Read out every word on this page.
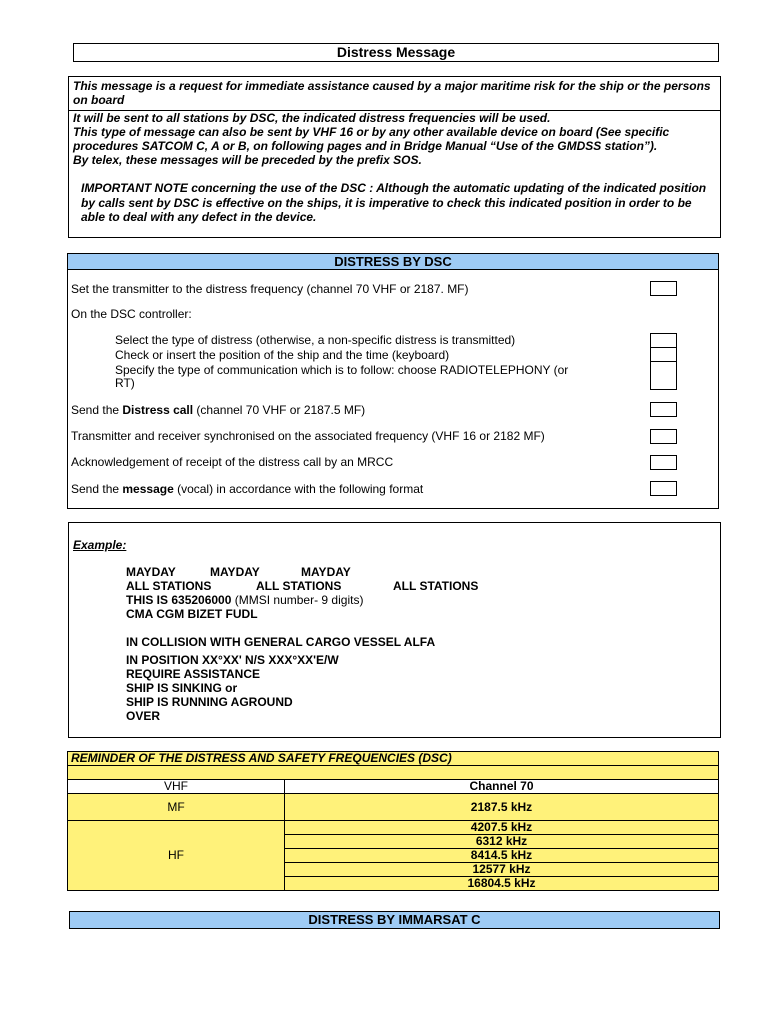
Distress Message
This message is a request for immediate assistance caused by a major maritime risk for the ship or the persons on board
It will be sent to all stations by DSC, the indicated distress frequencies will be used.
This type of message can also be sent by VHF 16 or by any other available device on board (See specific procedures SATCOM C, A or B, on following pages and in Bridge Manual “Use of the GMDSS station”).
By telex, these messages will be preceded by the prefix SOS.
IMPORTANT NOTE concerning the use of the DSC : Although the automatic updating of the indicated position by calls sent by DSC is effective on the ships, it is imperative to check this indicated position in order to be able to deal with any defect in the device.
DISTRESS BY DSC
Set the transmitter to the distress frequency (channel 70 VHF or 2187. MF)
On the DSC controller:
Select the type of distress (otherwise, a non-specific distress is transmitted)
Check or insert the position of the ship and the time (keyboard)
Specify the type of communication which is to follow: choose RADIOTELEPHONY (or
RT)
Send the Distress call (channel 70 VHF or 2187.5 MF)
Transmitter and receiver synchronised on the associated frequency (VHF 16 or 2182 MF)
Acknowledgement of receipt of the distress call by an MRCC
Send the message (vocal) in accordance with the following format
Example:
MAYDAY	MAYDAY	MAYDAY
ALL STATIONS	ALL STATIONS	ALL STATIONS
THIS IS 635206000 (MMSI number- 9 digits)
CMA CGM BIZET FUDL
IN COLLISION WITH GENERAL CARGO VESSEL ALFA
IN POSITION XX°XX' N/S XXX°XX'E/W
REQUIRE ASSISTANCE
SHIP IS SINKING or
SHIP IS RUNNING AGROUND
OVER
REMINDER OF THE DISTRESS AND SAFETY FREQUENCIES (DSC)	

VHF	Channel 70
MF	2187.5 kHz
HF	4207.5 kHz
	6312 kHz
	8414.5 kHz
	12577 kHz
	16804.5 kHz
DISTRESS BY IMMARSAT C
